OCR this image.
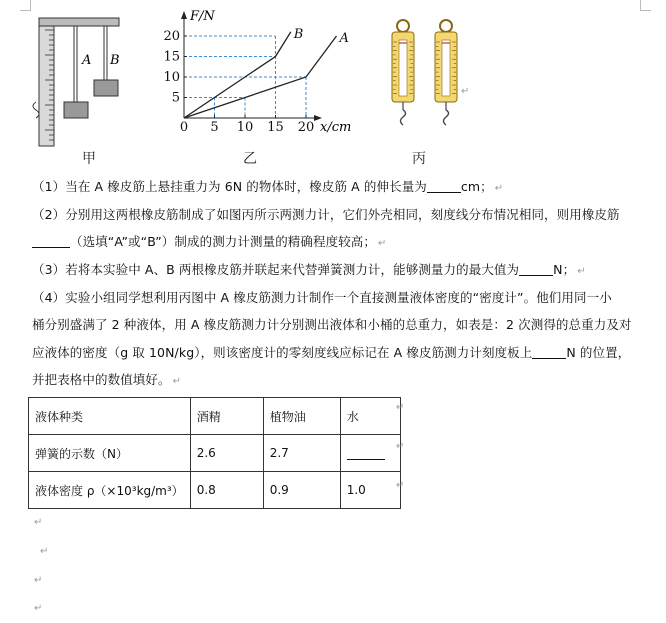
A B
0 5 10 15 20
5
10
15
20	A
B
x/cm
F/N
↵
甲	乙	丙
（1）当在 A 橡皮筋上悬挂重力为 6N 的物体时，橡皮筋 A 的伸长量为	cm； ↵
（2）分别用这两根橡皮筋制成了如图丙所示两测力计，它们外壳相同，刻度线分布情况相同，则用橡皮筋
（选填“A”或“B”）制成的测力计测量的精确程度较高； ↵
（3）若将本实验中 A、B 两根橡皮筋并联起来代替弹簧测力计，能够测量力的最大值为	N； ↵
（4）实验小组同学想利用丙图中 A 橡皮筋测力计制作一个直接测量液体密度的“密度计”。他们用同一小
桶分别盛满了 2 种液体，用 A 橡皮筋测力计分别测出液体和小桶的总重力，如表是：2 次测得的总重力及对
应液体的密度（g 取 10N/kg），则该密度计的零刻度线应标记在 A 橡皮筋测力计刻度板上	N 的位置，
并把表格中的数值填好。 ↵
液体种类	酒精	植物油	水
弹簧的示数（N）	2.6	2.7	
液体密度 ρ（×10³kg/m³）	0.8	0.9	1.0
↵
↵
↵
↵
↵
↵
↵
